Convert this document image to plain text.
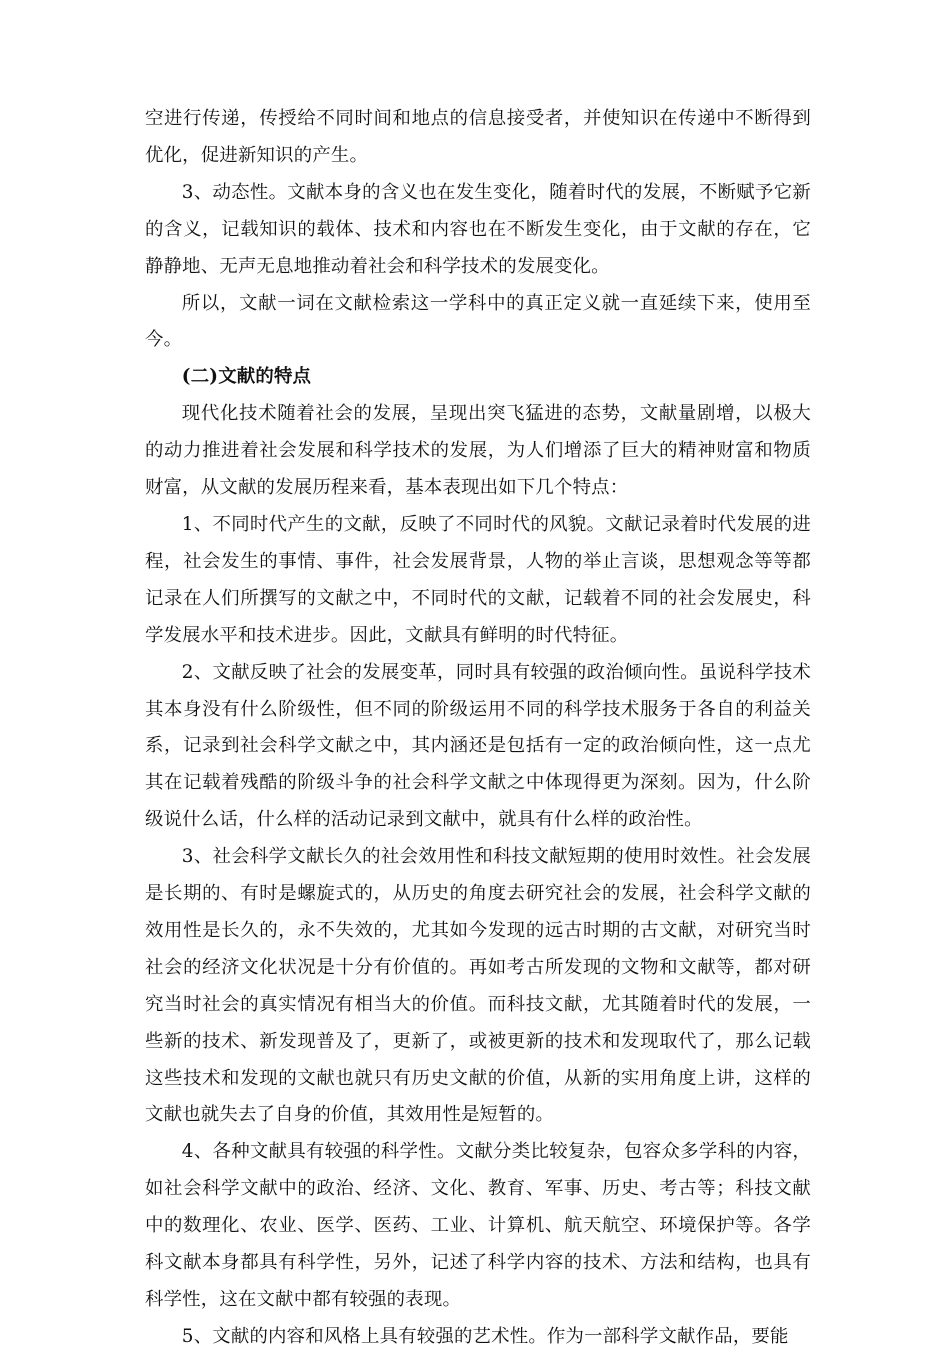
空进行传递，传授给不同时间和地点的信息接受者，并使知识在传递中不断得到优化，促进新知识的产生。

3、动态性。文献本身的含义也在发生变化，随着时代的发展，不断赋予它新的含义，记载知识的载体、技术和内容也在不断发生变化，由于文献的存在，它静静地、无声无息地推动着社会和科学技术的发展变化。

所以，文献一词在文献检索这一学科中的真正定义就一直延续下来，使用至今。

(二)文献的特点

现代化技术随着社会的发展，呈现出突飞猛进的态势，文献量剧增，以极大的动力推进着社会发展和科学技术的发展，为人们增添了巨大的精神财富和物质财富，从文献的发展历程来看，基本表现出如下几个特点：

1、不同时代产生的文献，反映了不同时代的风貌。文献记录着时代发展的进程，社会发生的事情、事件，社会发展背景，人物的举止言谈，思想观念等等都记录在人们所撰写的文献之中，不同时代的文献，记载着不同的社会发展史，科学发展水平和技术进步。因此，文献具有鲜明的时代特征。

2、文献反映了社会的发展变革，同时具有较强的政治倾向性。虽说科学技术其本身没有什么阶级性，但不同的阶级运用不同的科学技术服务于各自的利益关系，记录到社会科学文献之中，其内涵还是包括有一定的政治倾向性，这一点尤其在记载着残酷的阶级斗争的社会科学文献之中体现得更为深刻。因为，什么阶级说什么话，什么样的活动记录到文献中，就具有什么样的政治性。

3、社会科学文献长久的社会效用性和科技文献短期的使用时效性。社会发展是长期的、有时是螺旋式的，从历史的角度去研究社会的发展，社会科学文献的效用性是长久的，永不失效的，尤其如今发现的远古时期的古文献，对研究当时社会的经济文化状况是十分有价值的。再如考古所发现的文物和文献等，都对研究当时社会的真实情况有相当大的价值。而科技文献，尤其随着时代的发展，一些新的技术、新发现普及了，更新了，或被更新的技术和发现取代了，那么记载这些技术和发现的文献也就只有历史文献的价值，从新的实用角度上讲，这样的文献也就失去了自身的价值，其效用性是短暂的。

4、各种文献具有较强的科学性。文献分类比较复杂，包容众多学科的内容，如社会科学文献中的政治、经济、文化、教育、军事、历史、考古等；科技文献中的数理化、农业、医学、医药、工业、计算机、航天航空、环境保护等。各学科文献本身都具有科学性，另外，记述了科学内容的技术、方法和结构，也具有科学性，这在文献中都有较强的表现。

5、文献的内容和风格上具有较强的艺术性。作为一部科学文献作品，要能
